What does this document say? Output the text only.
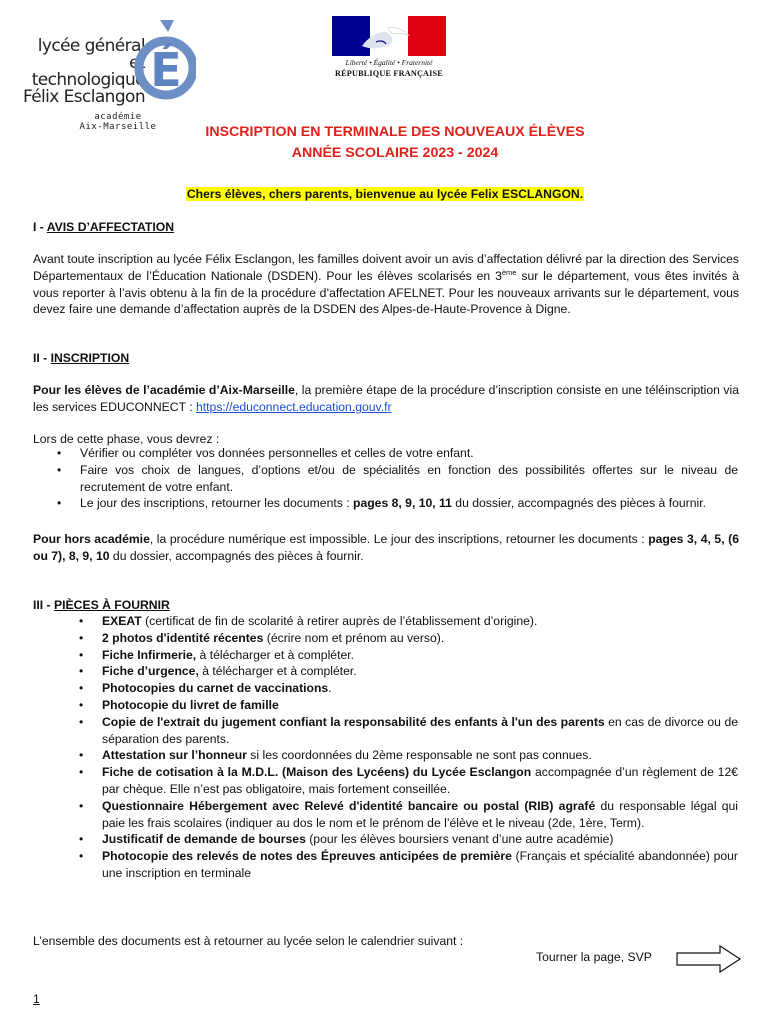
lycée général
et technologique
Félix Esclangon É
académie
Aix-Marseille
Liberté • Égalité • Fraternité
RÉPUBLIQUE FRANÇAISE
INSCRIPTION EN TERMINALE DES NOUVEAUX ÉLÈVES
ANNÉE SCOLAIRE 2023 - 2024
Chers élèves, chers parents, bienvenue au lycée Felix ESCLANGON.
I - AVIS D’AFFECTATION
Avant toute inscription au lycée Félix Esclangon, les familles doivent avoir un avis d’affectation délivré par la direction des Services Départementaux de l’Éducation Nationale (DSDEN). Pour les élèves scolarisés en 3ème sur le département, vous êtes invités à vous reporter à l’avis obtenu à la fin de la procédure d’affectation AFELNET. Pour les nouveaux arrivants sur le département, vous devez faire une demande d’affectation auprès de la DSDEN des Alpes-de-Haute-Provence à Digne.
II - INSCRIPTION
Pour les élèves de l’académie d’Aix-Marseille, la première étape de la procédure d’inscription consiste en une téléinscription via les services EDUCONNECT : https://educonnect.education.gouv.fr
Lors de cette phase, vous devrez :
• Vérifier ou compléter vos données personnelles et celles de votre enfant.
• Faire vos choix de langues, d’options et/ou de spécialités en fonction des possibilités offertes sur le niveau de recrutement de votre enfant.
• Le jour des inscriptions, retourner les documents : pages 8, 9, 10, 11 du dossier, accompagnés des pièces à fournir.
Pour hors académie, la procédure numérique est impossible. Le jour des inscriptions, retourner les documents : pages 3, 4, 5, (6 ou 7), 8, 9, 10 du dossier, accompagnés des pièces à fournir.
III - PIÈCES À FOURNIR
• EXEAT (certificat de fin de scolarité à retirer auprès de l’établissement d’origine).
• 2 photos d'identité récentes (écrire nom et prénom au verso).
• Fiche Infirmerie, à télécharger et à compléter.
• Fiche d’urgence, à télécharger et à compléter.
• Photocopies du carnet de vaccinations.
• Photocopie du livret de famille
• Copie de l'extrait du jugement confiant la responsabilité des enfants à l'un des parents en cas de divorce ou de séparation des parents.
• Attestation sur l’honneur si les coordonnées du 2ème responsable ne sont pas connues.
• Fiche de cotisation à la M.D.L. (Maison des Lycéens) du Lycée Esclangon accompagnée d’un règlement de 12€ par chèque. Elle n’est pas obligatoire, mais fortement conseillée.
• Questionnaire Hébergement avec Relevé d'identité bancaire ou postal (RIB) agrafé du responsable légal qui paie les frais scolaires (indiquer au dos le nom et le prénom de l’élève et le niveau (2de, 1ère, Term).
• Justificatif de demande de bourses (pour les élèves boursiers venant d’une autre académie)
• Photocopie des relevés de notes des Épreuves anticipées de première (Français et spécialité abandonnée) pour une inscription en terminale
L’ensemble des documents est à retourner au lycée selon le calendrier suivant :
Tourner la page, SVP
1
